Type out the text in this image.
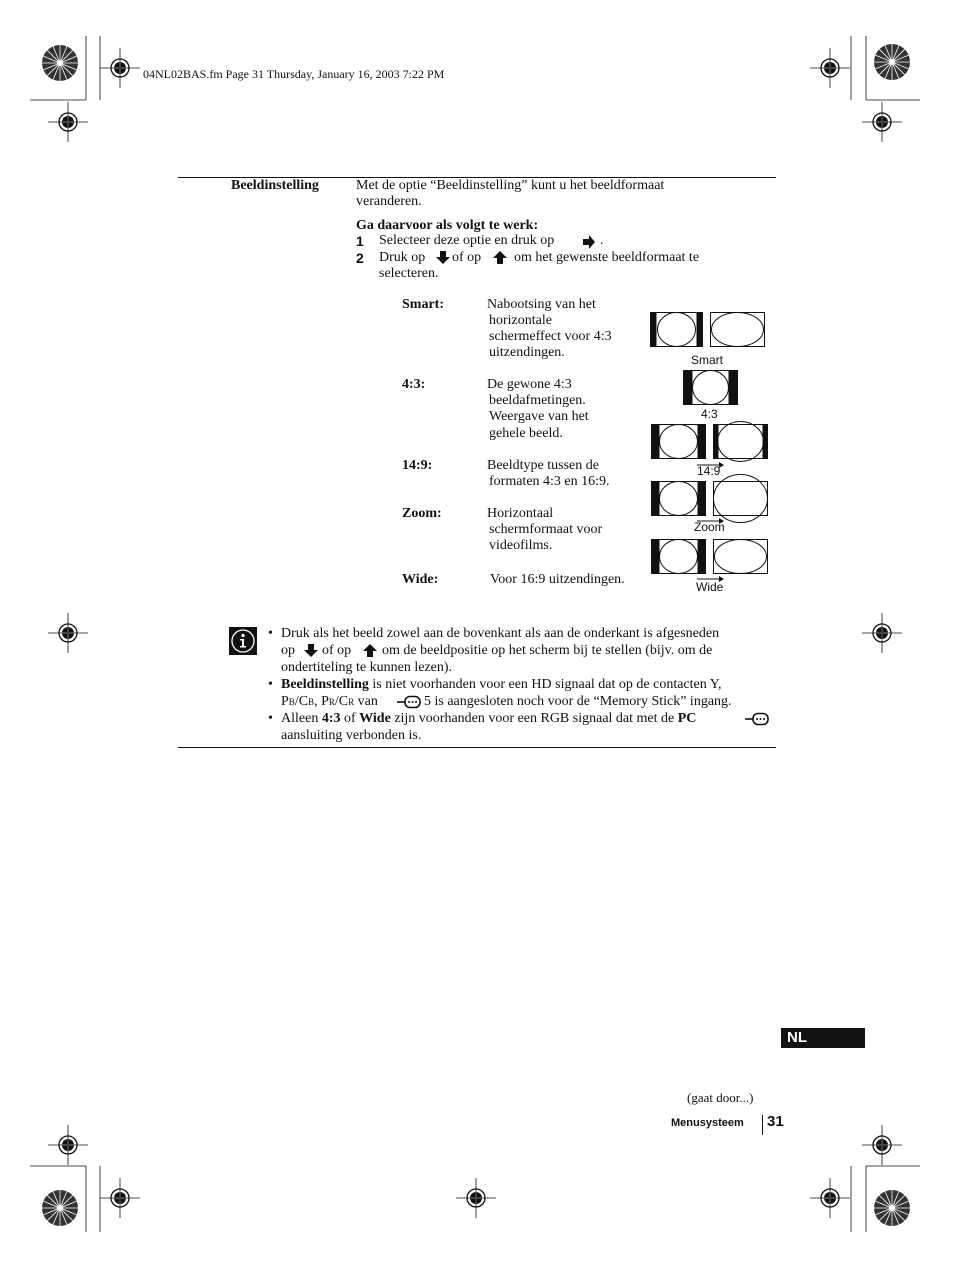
04NL02BAS.fm Page 31 Thursday, January 16, 2003 7:22 PM
Beeldinstelling	Met de optie “Beeldinstelling” kunt u het beeldformaat
veranderen.
Ga daarvoor als volgt te werk:
1 Selecteer deze optie en druk op	.
2 Druk op of op om het gewenste beeldformaat te
selecteren.
Smart:	Nabootsing van het
horizontale
schermeffect voor 4:3
uitzendingen.
4:3:	De gewone 4:3
beeldafmetingen.
Weergave van het
gehele beeld.
14:9:	Beeldtype tussen de
formaten 4:3 en 16:9.
Zoom:	Horizontaal
schermformaat voor
videofilms.
Wide:	Voor 16:9 uitzendingen.
Smart
4:3
14:9
Zoom
Wide
• Druk als het beeld zowel aan de bovenkant als aan de onderkant is afgesneden
op of op om de beeldpositie op het scherm bij te stellen (bijv. om de
ondertiteling te kunnen lezen).
• Beeldinstelling is niet voorhanden voor een HD signaal dat op de contacten Y,
PB/CB, PR/CR van	5 is aangesloten noch voor de “Memory Stick” ingang.
• Alleen 4:3 of Wide zijn voorhanden voor een RGB signaal dat met de PC
aansluiting verbonden is.
NL
(gaat door...)
Menusysteem 31
